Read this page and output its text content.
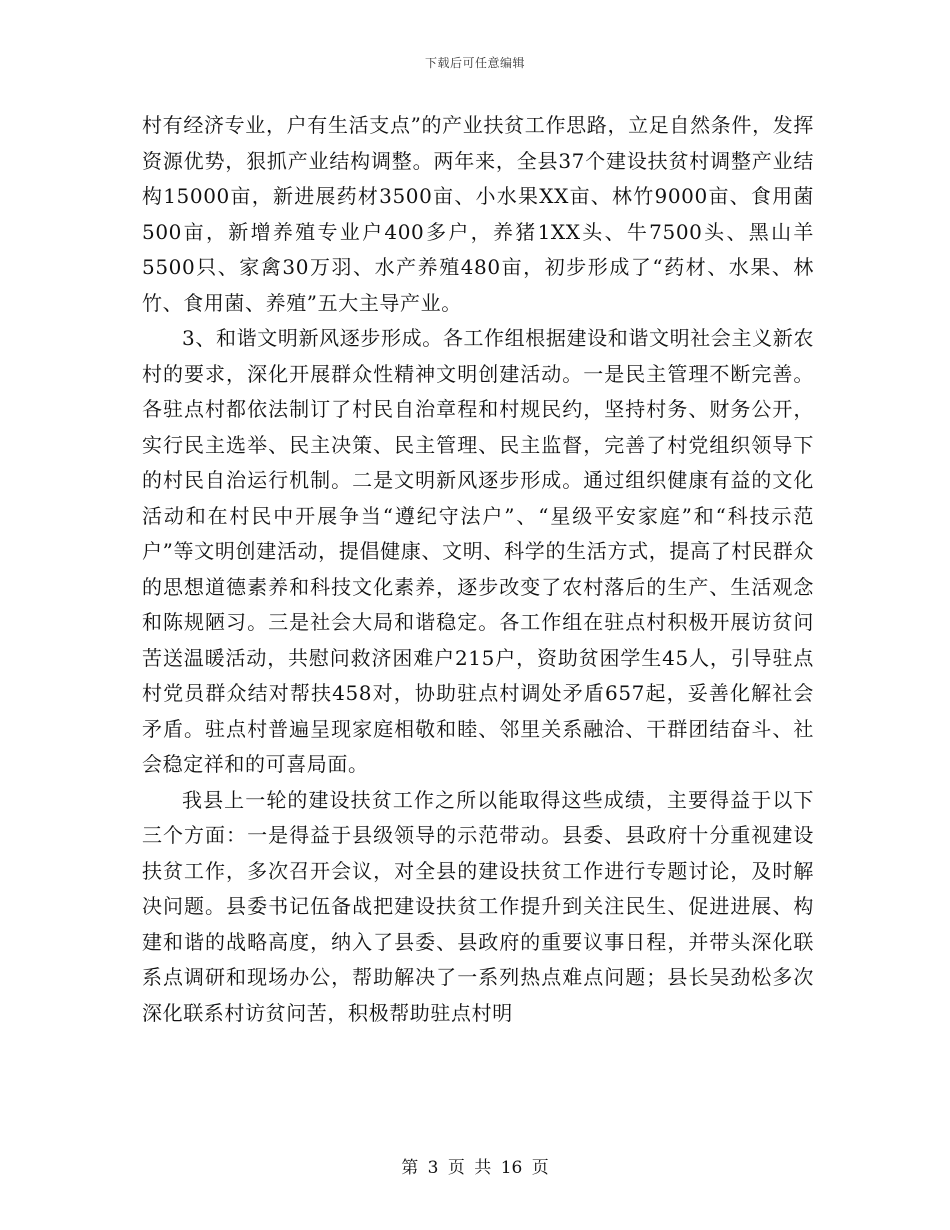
下载后可任意编辑

村有经济专业，户有生活支点”的产业扶贫工作思路，立足自然条件，发挥资源优势，狠抓产业结构调整。两年来，全县37个建设扶贫村调整产业结构15000亩，新进展药材3500亩、小水果XX亩、林竹9000亩、食用菌500亩，新增养殖专业户400多户，养猪1XX头、牛7500头、黑山羊5500只、家禽30万羽、水产养殖480亩，初步形成了“药材、水果、林竹、食用菌、养殖”五大主导产业。

3、和谐文明新风逐步形成。各工作组根据建设和谐文明社会主义新农村的要求，深化开展群众性精神文明创建活动。一是民主管理不断完善。各驻点村都依法制订了村民自治章程和村规民约，坚持村务、财务公开，实行民主选举、民主决策、民主管理、民主监督，完善了村党组织领导下的村民自治运行机制。二是文明新风逐步形成。通过组织健康有益的文化活动和在村民中开展争当“遵纪守法户”、“星级平安家庭”和“科技示范户”等文明创建活动，提倡健康、文明、科学的生活方式，提高了村民群众的思想道德素养和科技文化素养，逐步改变了农村落后的生产、生活观念和陈规陋习。三是社会大局和谐稳定。各工作组在驻点村积极开展访贫问苦送温暖活动，共慰问救济困难户215户，资助贫困学生45人，引导驻点村党员群众结对帮扶458对，协助驻点村调处矛盾657起，妥善化解社会矛盾。驻点村普遍呈现家庭相敬和睦、邻里关系融洽、干群团结奋斗、社会稳定祥和的可喜局面。

我县上一轮的建设扶贫工作之所以能取得这些成绩，主要得益于以下三个方面：一是得益于县级领导的示范带动。县委、县政府十分重视建设扶贫工作，多次召开会议，对全县的建设扶贫工作进行专题讨论，及时解决问题。县委书记伍备战把建设扶贫工作提升到关注民生、促进进展、构建和谐的战略高度，纳入了县委、县政府的重要议事日程，并带头深化联系点调研和现场办公，帮助解决了一系列热点难点问题；县长吴劲松多次深化联系村访贫问苦，积极帮助驻点村明

第 3 页 共 16 页
